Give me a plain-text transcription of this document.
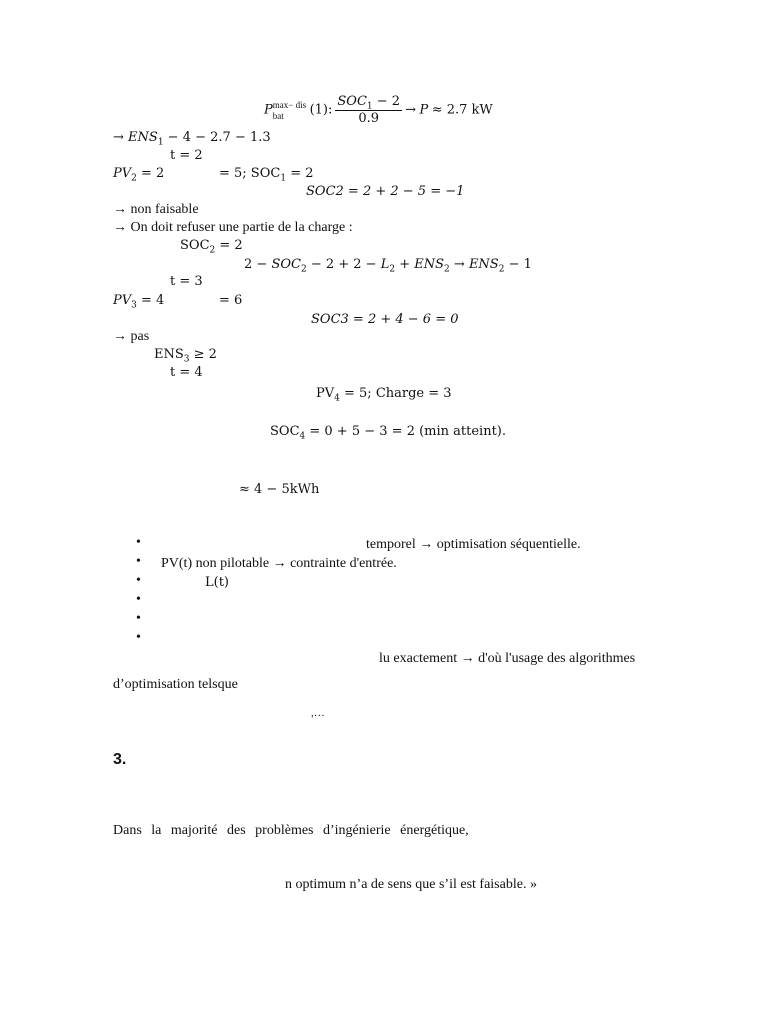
P max− dis
bat	(1): $\frac{SOC_1 - 2}{0.9} \to P \approx 2.7$ kW
→ $ENS_1 - 4 - 2.7 - 1.3$
t = 2
$PV_2 = 2$	= 5; $SOC_1 = 2$
SOC2 = 2 + 2 − 5 = −1
→ non faisable
→ On doit refuser une partie de la charge :
$SOC_2 = 2$
$2 - SOC_2 - 2 + 2 - L_2 + ENS_2 \to ENS_2 - 1$
t = 3
$PV_3 = 4$	= 6
SOC3 = 2 + 4 − 6 = 0
→ pas
$ENS_3 \ge 2$
t = 4
$PV_4 = 5$; Charge = 3
$SOC_4 = 0 + 5 - 3 = 2$ (min atteint).
≈ 4 − 5kWh
•	temporel → optimisation séquentielle.
• PV(t) non pilotable → contrainte d'entrée.
•	L(t)
•
•
•
lu exactement → d'où l'usage des algorithmes
d’optimisation telsque
,…
3.
Dans la majorité des problèmes d’ingénierie énergétique,
n optimum n’a de sens que s’il est faisable. »
